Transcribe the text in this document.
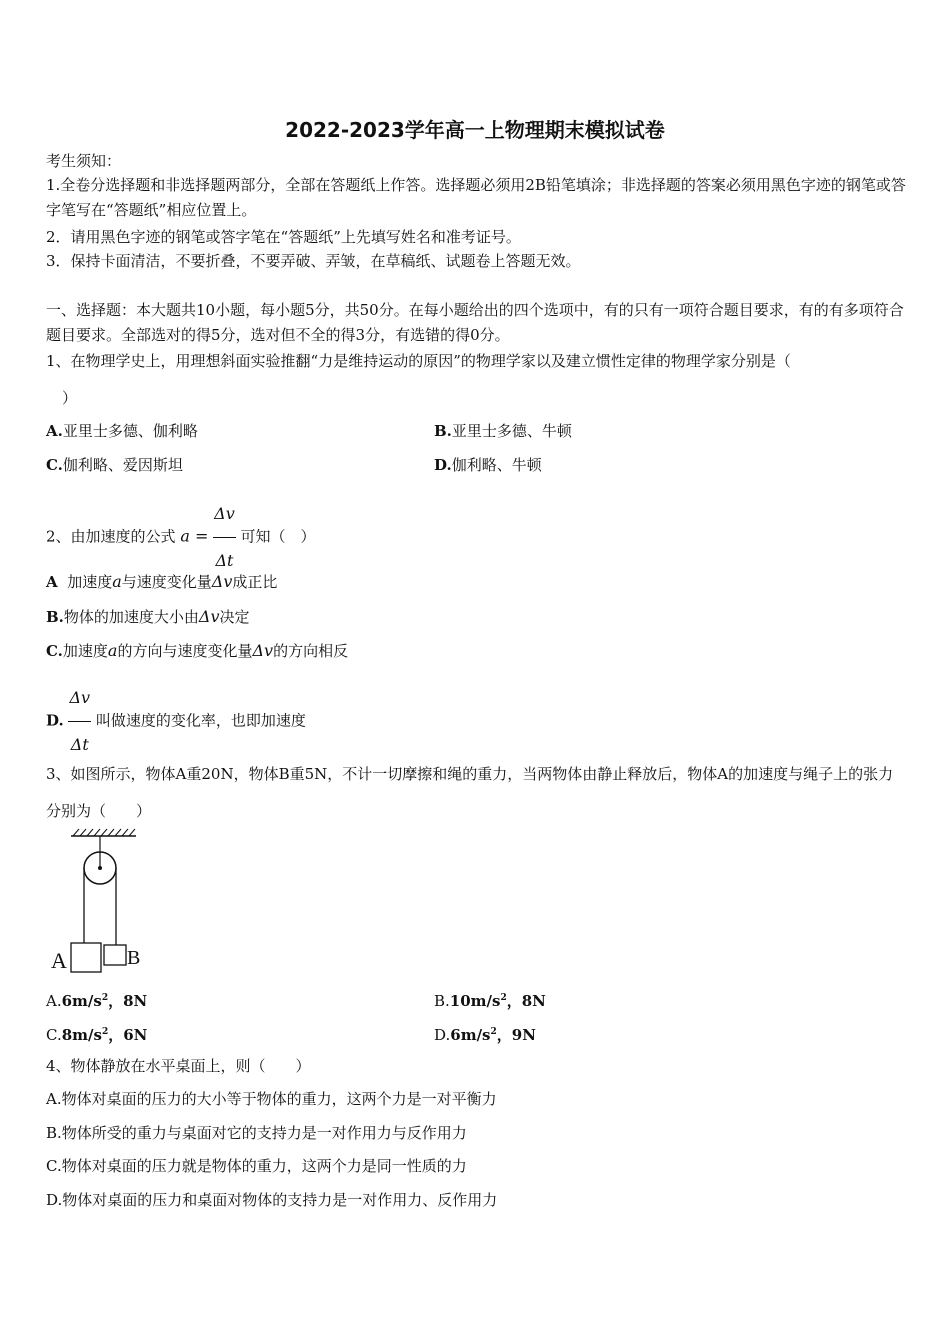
2022-2023学年高一上物理期末模拟试卷
考生须知：
1.全卷分选择题和非选择题两部分，全部在答题纸上作答。选择题必须用2B铅笔填涂；非选择题的答案必须用黑色字迹的钢笔或答字笔写在“答题纸”相应位置上。
2．请用黑色字迹的钢笔或答字笔在“答题纸”上先填写姓名和准考证号。
3．保持卡面清洁，不要折叠，不要弄破、弄皱，在草稿纸、试题卷上答题无效。
一、选择题：本大题共10小题，每小题5分，共50分。在每小题给出的四个选项中，有的只有一项符合题目要求，有的有多项符合题目要求。全部选对的得5分，选对但不全的得3分，有选错的得0分。
1、在物理学史上，用理想斜面实验推翻“力是维持运动的原因”的物理学家以及建立惯性定律的物理学家分别是（
）
A.亚里士多德、伽利略	B.亚里士多德、牛顿
C.伽利略、爱因斯坦	D.伽利略、牛顿
2、由加速度的公式 $a = \frac{\Delta v}{\Delta t}$ 可知（　）
A 加速度a与速度变化量Δv成正比
B.物体的加速度大小由Δv决定
C.加速度a的方向与速度变化量Δv的方向相反
D. $\frac{\Delta v}{\Delta t}$ 叫做速度的变化率，也即加速度
3、如图所示，物体A重20N，物体B重5N，不计一切摩擦和绳的重力，当两物体由静止释放后，物体A的加速度与绳子上的张力分别为（　　）
A	B
$A.6m/s^2$，8N	$B.10m/s^2$，8N
$C.8m/s^2$，6N	$D.6m/s^2$，9N
4、物体静放在水平桌面上，则（　　）
A.物体对桌面的压力的大小等于物体的重力，这两个力是一对平衡力
B.物体所受的重力与桌面对它的支持力是一对作用力与反作用力
C.物体对桌面的压力就是物体的重力，这两个力是同一性质的力
D.物体对桌面的压力和桌面对物体的支持力是一对作用力、反作用力
